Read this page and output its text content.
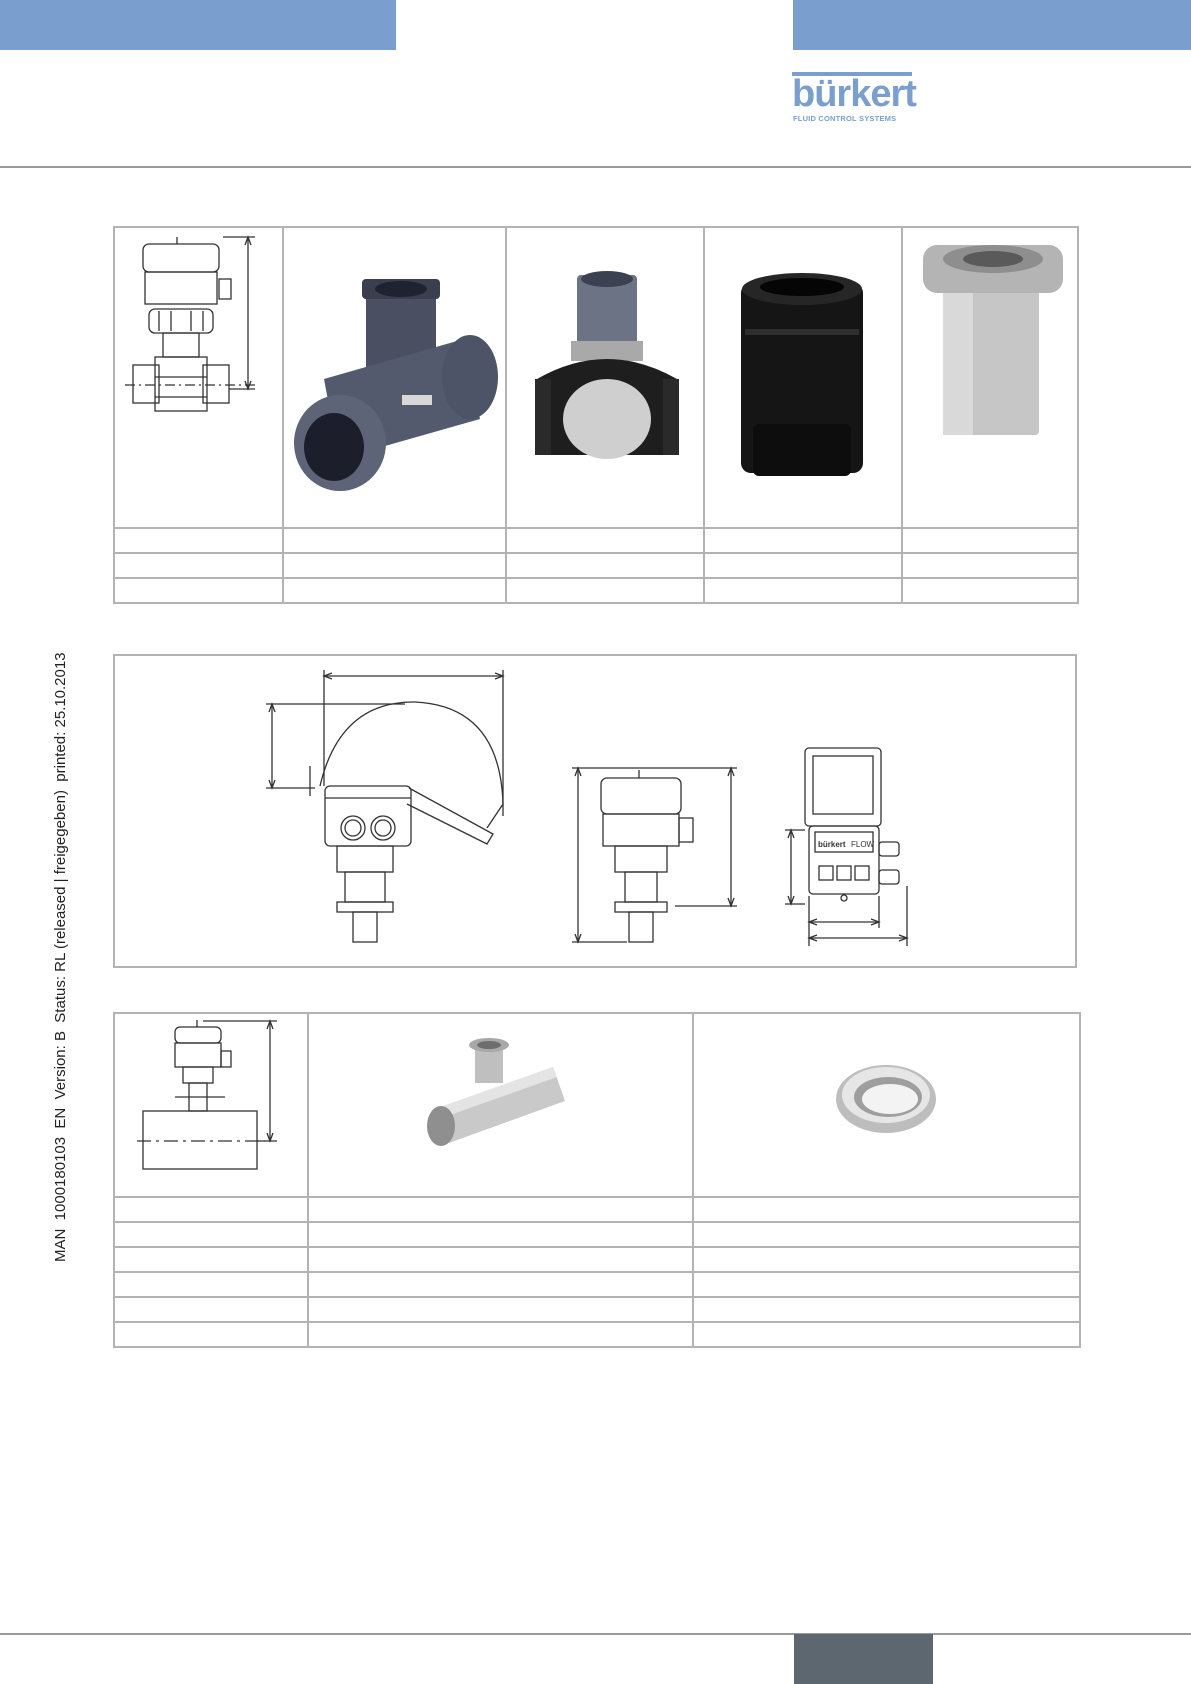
bürkert
FLUID CONTROL SYSTEMS
MAN  1000180103  EN  Version: B  Status: RL (released | freigegeben)  printed: 25.10.2013

					bürkert FLOW
